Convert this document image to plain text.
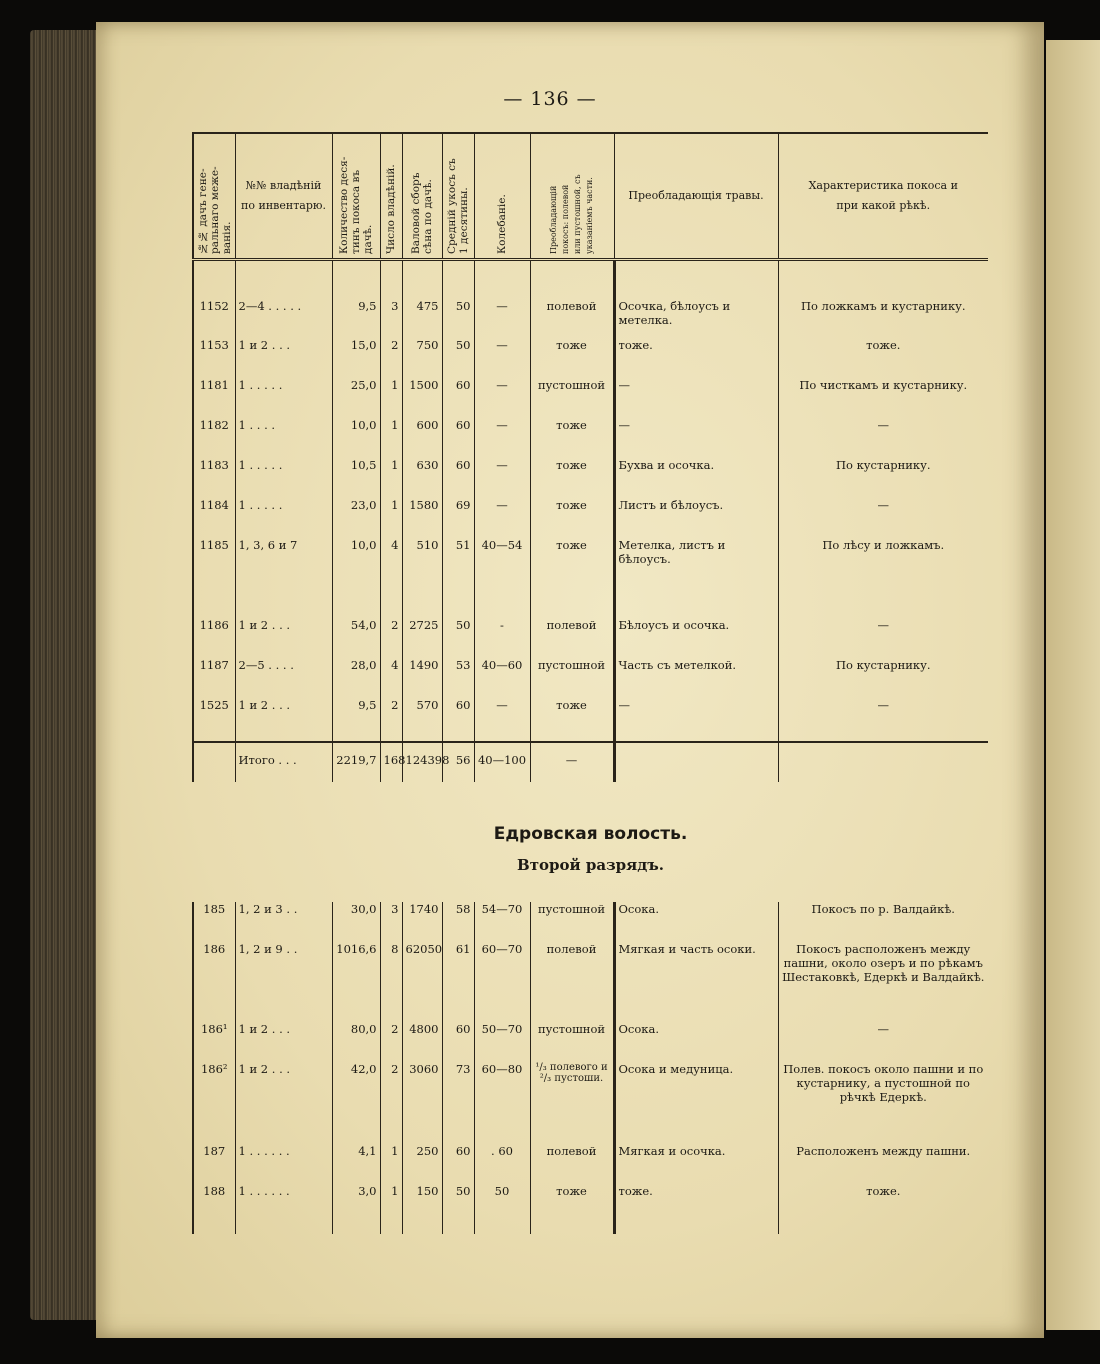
— 136 —
№№ дачъ гене-
ральнаго меже-
ванія.	№№ владѣній
по инвентарю.	Количество деся-
тинъ покоса въ
дачѣ.	Число владѣній.	Валовой сборъ
сѣна по дачѣ.	Средній укосъ съ
1 десятины.	Колебаніе.	Преобладающій
покосъ: полевой
или пустошной, съ
указаніемъ части.	Преобладающія травы.	Характеристика покоса и
при какой рѣкѣ.

1152	2—4 . . . . .	9,5	3	475	50	—	полевой	Осочка, бѣлоусъ и метелка.	По ложкамъ и кустарнику.
1153	1 и 2 . . .	15,0	2	750	50	—	тоже	тоже.	тоже.
1181	1 . . . . .	25,0	1	1500	60	—	пустошной	—	По чисткамъ и кустарнику.
1182	1 . . . .	10,0	1	600	60	—	тоже	—	—
1183	1 . . . . .	10,5	1	630	60	—	тоже	Бухва и осочка.	По кустарнику.
1184	1 . . . . .	23,0	1	1580	69	—	тоже	Листъ и бѣлоусъ.	—
1185	1, 3, 6 и 7	10,0	4	510	51	40—54	тоже	Метелка, листъ и бѣлоусъ.	По лѣсу и ложкамъ.
1186	1 и 2 . . .	54,0	2	2725	50	-	полевой	Бѣлоусъ и осочка.	—
1187	2—5 . . . .	28,0	4	1490	53	40—60	пустошной	Часть съ метелкой.	По кустарнику.
1525	1 и 2 . . .	9,5	2	570	60	—	тоже	—	—
	Итого . . .	2219,7	168	124398	56	40—100	—		

Едровская волость.
Второй разрядъ.									

185	1, 2 и 3 . .	30,0	3	1740	58	54—70	пустошной	Осока.	Покосъ по р. Валдайкѣ.
186	1, 2 и 9 . .	1016,6	8	62050	61	60—70	полевой	Мягкая и часть осоки.	Покосъ расположенъ между пашни, около озеръ и по рѣкамъ Шестаковкѣ, Едеркѣ и Валдайкѣ.
186¹	1 и 2 . . .	80,0	2	4800	60	50—70	пустошной	Осока.	—
186²	1 и 2 . . .	42,0	2	3060	73	60—80	¹/₃ полевого и ²/₃ пустоши.	Осока и медуница.	Полев. покосъ около пашни и по кустарнику, а пустошной по рѣчкѣ Едеркѣ.
187	1 . . . . . .	4,1	1	250	60	. 60	полевой	Мягкая и осочка.	Расположенъ между пашни.
188	1 . . . . . .	3,0	1	150	50	50	тоже	тоже.	тоже.
